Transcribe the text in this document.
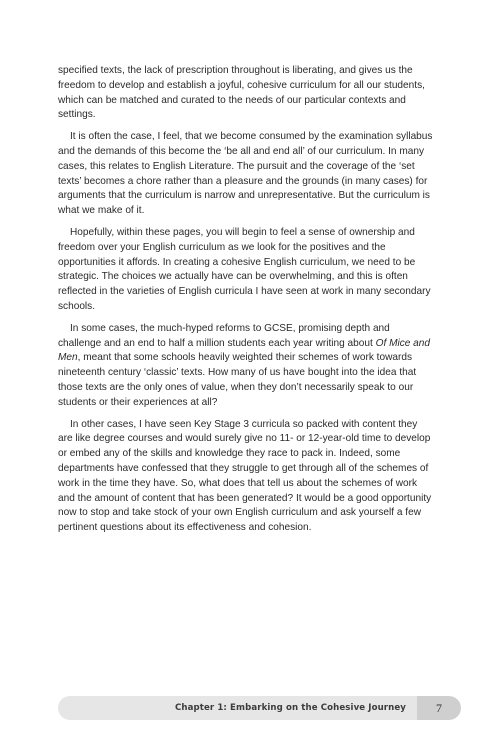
specified texts, the lack of prescription throughout is liberating, and gives us the freedom to develop and establish a joyful, cohesive curriculum for all our students, which can be matched and curated to the needs of our particular contexts and settings.

It is often the case, I feel, that we become consumed by the examination syllabus and the demands of this become the ‘be all and end all’ of our curriculum. In many cases, this relates to English Literature. The pursuit and the coverage of the ‘set texts’ becomes a chore rather than a pleasure and the grounds (in many cases) for arguments that the curriculum is narrow and unrepresentative. But the curriculum is what we make of it.

Hopefully, within these pages, you will begin to feel a sense of ownership and freedom over your English curriculum as we look for the positives and the opportunities it affords. In creating a cohesive English curriculum, we need to be strategic. The choices we actually have can be overwhelming, and this is often reflected in the varieties of English curricula I have seen at work in many secondary schools.

In some cases, the much-hyped reforms to GCSE, promising depth and challenge and an end to half a million students each year writing about Of Mice and Men, meant that some schools heavily weighted their schemes of work towards nineteenth century ‘classic’ texts. How many of us have bought into the idea that those texts are the only ones of value, when they don’t necessarily speak to our students or their experiences at all?

In other cases, I have seen Key Stage 3 curricula so packed with content they are like degree courses and would surely give no 11- or 12-year-old time to develop or embed any of the skills and knowledge they race to pack in. Indeed, some departments have confessed that they struggle to get through all of the schemes of work in the time they have. So, what does that tell us about the schemes of work and the amount of content that has been generated? It would be a good opportunity now to stop and take stock of your own English curriculum and ask yourself a few pertinent questions about its effectiveness and cohesion.

Chapter 1: Embarking on the Cohesive Journey	7
